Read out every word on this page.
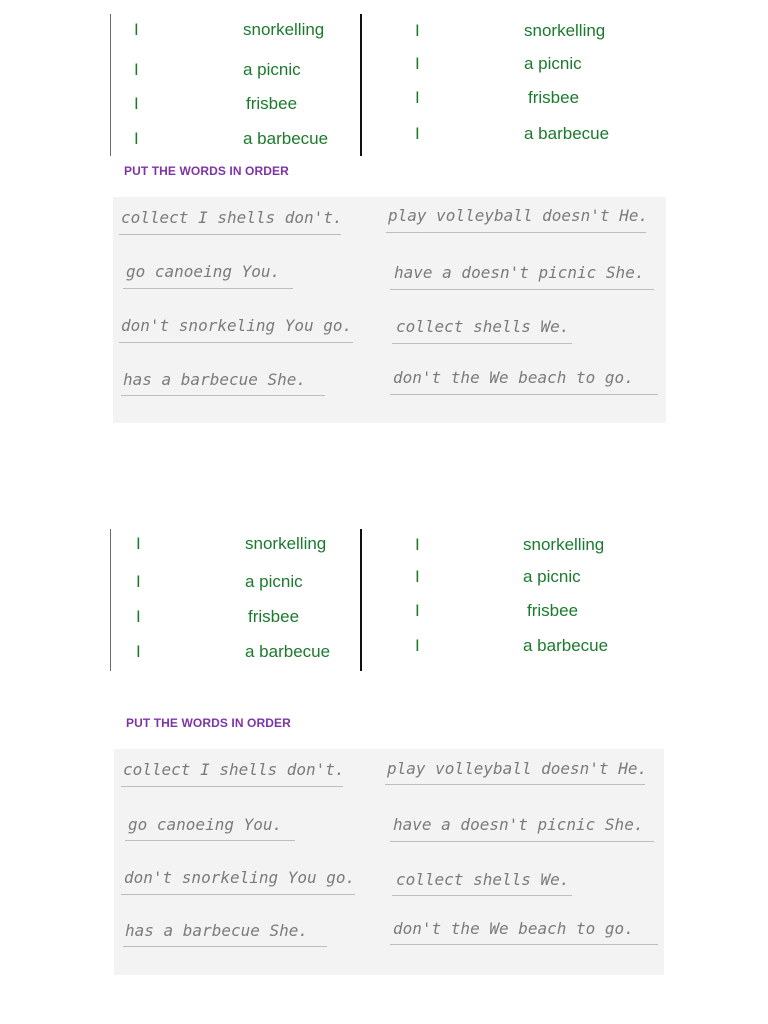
I	snorkelling
I	a picnic
I	frisbee
I	a barbecue
I	snorkelling
I	a picnic
I	frisbee
I	a barbecue
PUT THE WORDS IN ORDER
collect I shells don't.
go canoeing You.
don't snorkeling You go.
has a barbecue She.
play volleyball doesn't He.
have a doesn't picnic She.
collect shells We.
don't the We beach to go.
I	snorkelling
I	a picnic
I	frisbee
I	a barbecue
I	snorkelling
I	a picnic
I	frisbee
I	a barbecue
PUT THE WORDS IN ORDER
collect I shells don't.
go canoeing You.
don't snorkeling You go.
has a barbecue She.
play volleyball doesn't He.
have a doesn't picnic She.
collect shells We.
don't the We beach to go.
